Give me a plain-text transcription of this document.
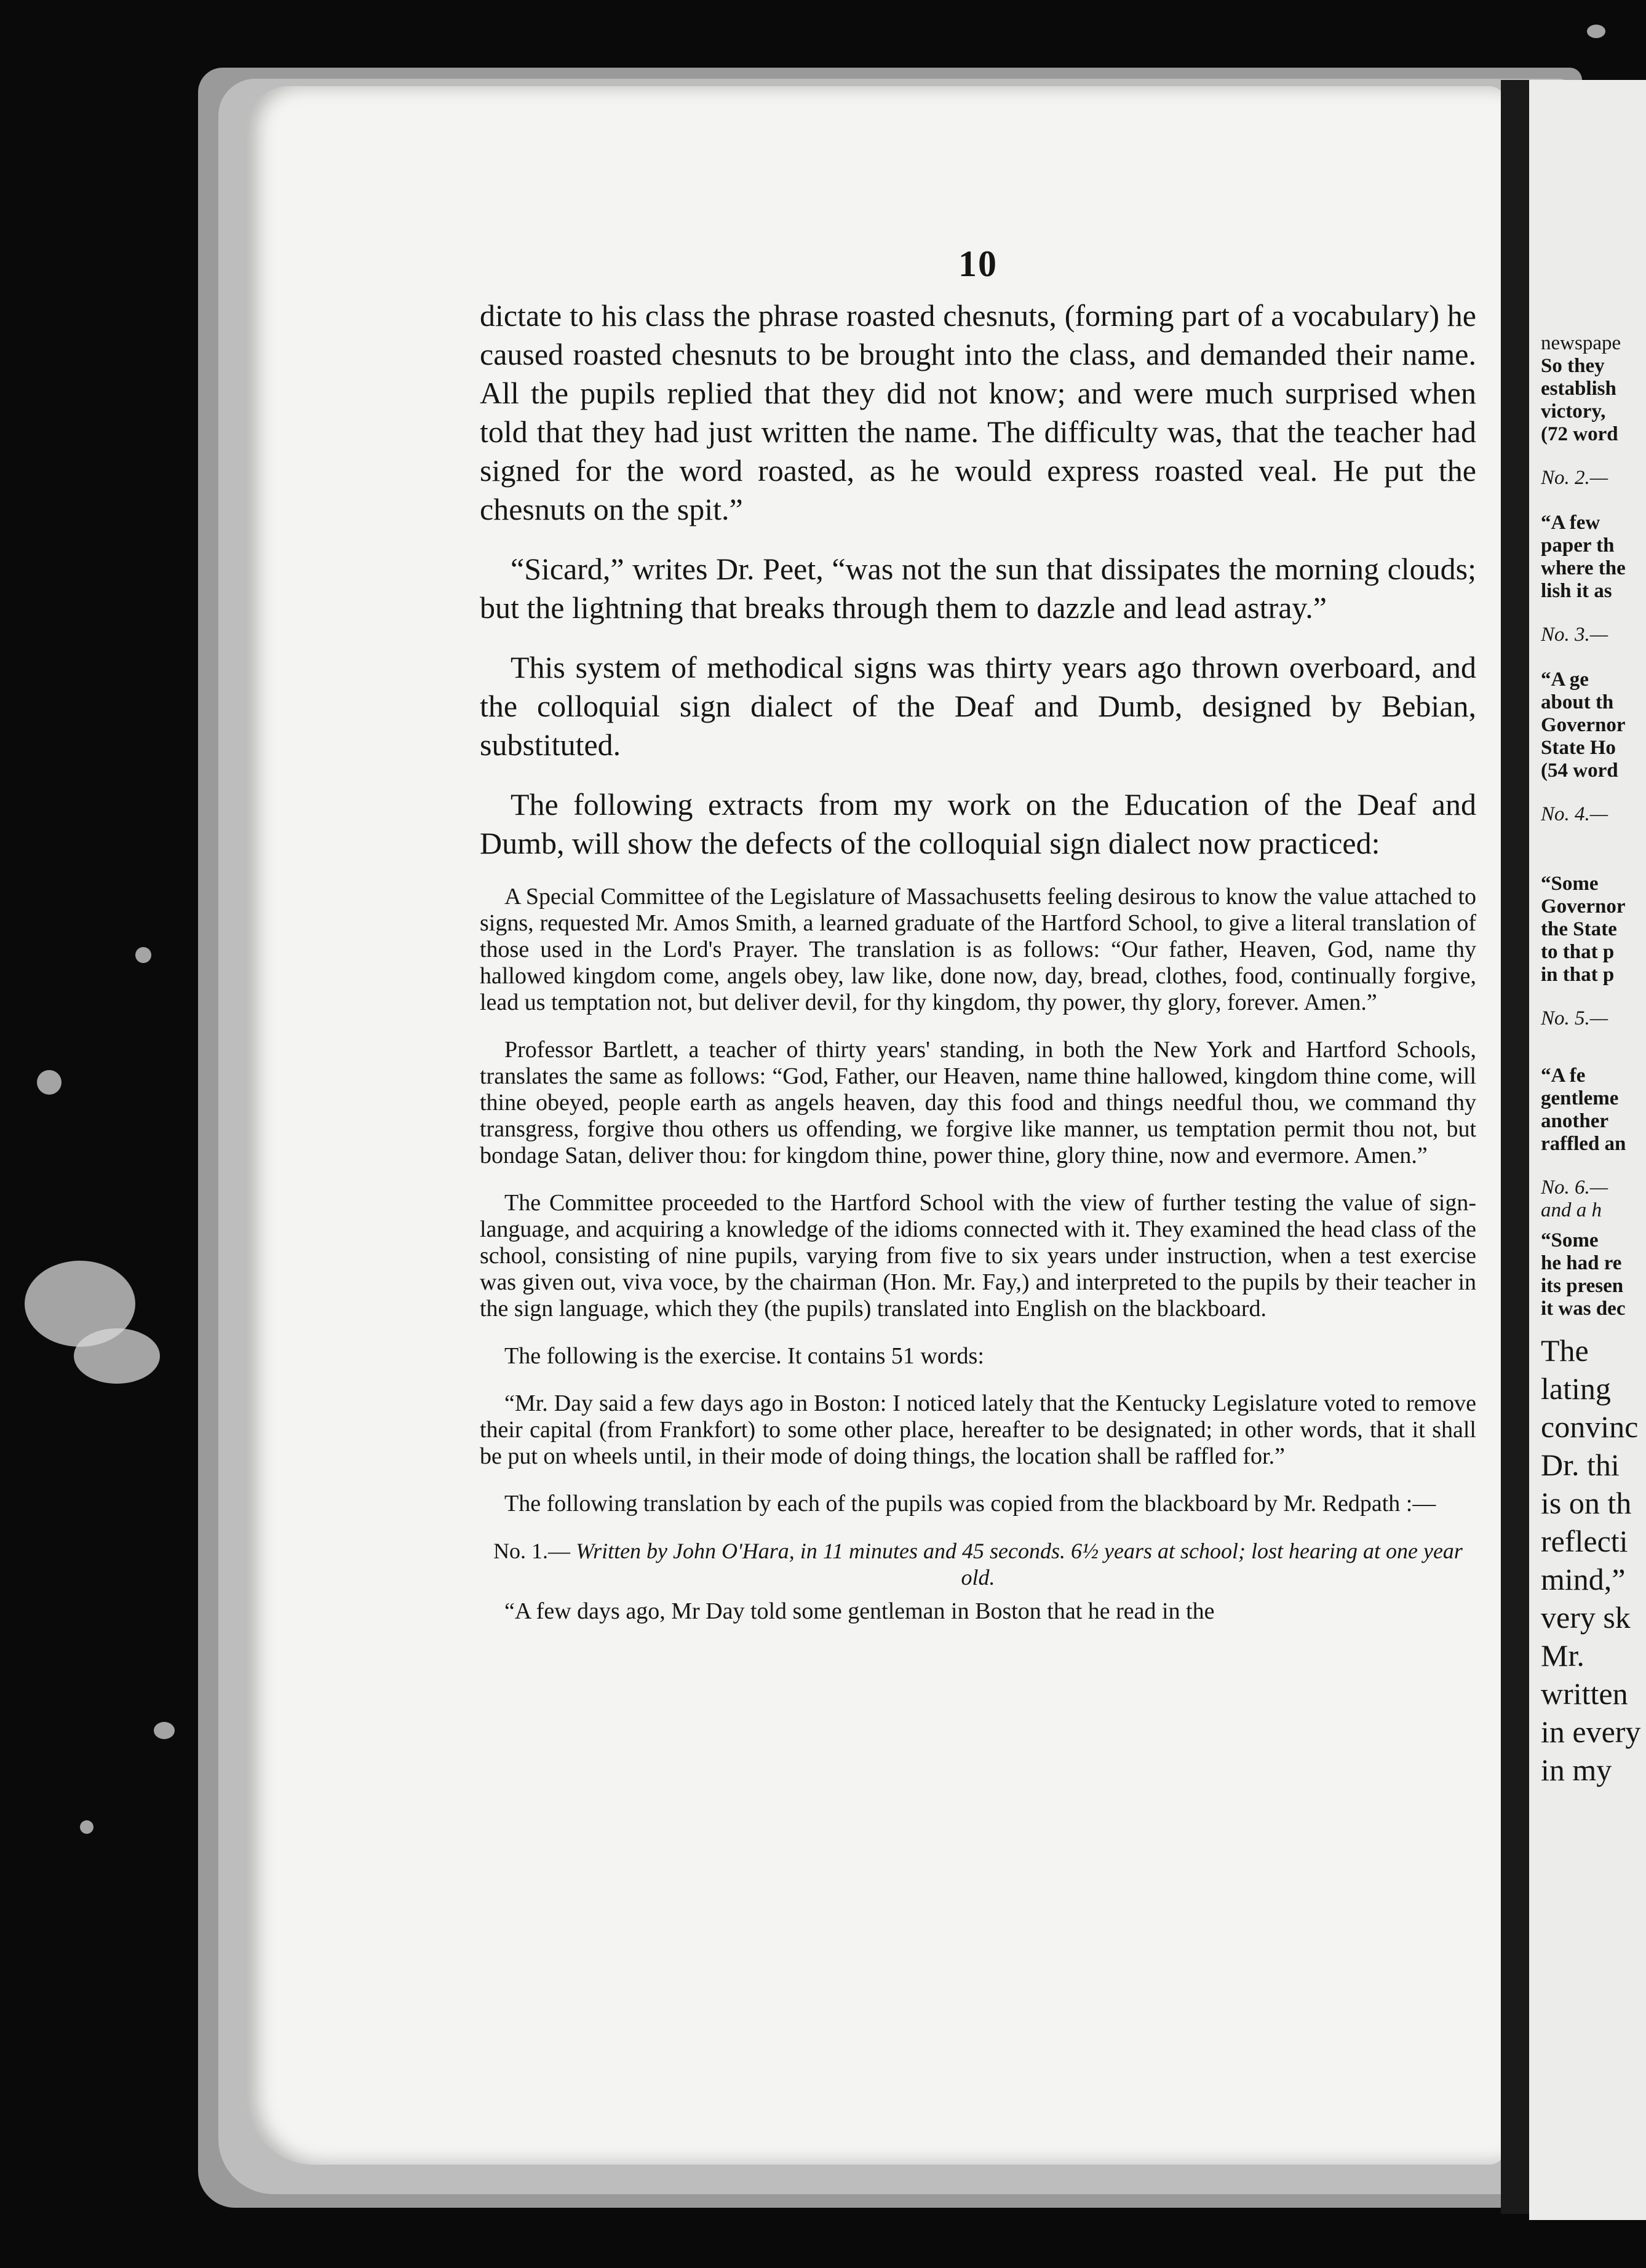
10

dictate to his class the phrase roasted chesnuts, (forming part of a vocabulary) he caused roasted chesnuts to be brought into the class, and demanded their name. All the pupils replied that they did not know; and were much surprised when told that they had just written the name. The difficulty was, that the teacher had signed for the word roasted, as he would express roasted veal. He put the chesnuts on the spit.”

“Sicard,” writes Dr. Peet, “was not the sun that dissipates the morning clouds; but the lightning that breaks through them to dazzle and lead astray.”

This system of methodical signs was thirty years ago thrown overboard, and the colloquial sign dialect of the Deaf and Dumb, designed by Bebian, substituted.

The following extracts from my work on the Education of the Deaf and Dumb, will show the defects of the colloquial sign dialect now practiced:

A Special Committee of the Legislature of Massachusetts feeling desirous to know the value attached to signs, requested Mr. Amos Smith, a learned graduate of the Hartford School, to give a literal translation of those used in the Lord's Prayer. The translation is as follows: “Our father, Heaven, God, name thy hallowed kingdom come, angels obey, law like, done now, day, bread, clothes, food, continually forgive, lead us temptation not, but deliver devil, for thy kingdom, thy power, thy glory, forever. Amen.”

Professor Bartlett, a teacher of thirty years' standing, in both the New York and Hartford Schools, translates the same as follows: “God, Father, our Heaven, name thine hallowed, kingdom thine come, will thine obeyed, people earth as angels heaven, day this food and things needful thou, we command thy transgress, forgive thou others us offending, we forgive like manner, us temptation permit thou not, but bondage Satan, deliver thou: for kingdom thine, power thine, glory thine, now and evermore. Amen.”

The Committee proceeded to the Hartford School with the view of further testing the value of sign-language, and acquiring a knowledge of the idioms connected with it. They examined the head class of the school, consisting of nine pupils, varying from five to six years under instruction, when a test exercise was given out, viva voce, by the chairman (Hon. Mr. Fay,) and interpreted to the pupils by their teacher in the sign language, which they (the pupils) translated into English on the blackboard.

The following is the exercise. It contains 51 words:

“Mr. Day said a few days ago in Boston: I noticed lately that the Kentucky Legislature voted to remove their capital (from Frankfort) to some other place, hereafter to be designated; in other words, that it shall be put on wheels until, in their mode of doing things, the location shall be raffled for.”

The following translation by each of the pupils was copied from the blackboard by Mr. Redpath :—

No. 1.— Written by John O'Hara, in 11 minutes and 45 seconds. 6½ years at school; lost hearing at one year old.

“A few days ago, Mr Day told some gentleman in Boston that he read in the

newspape
So they
establish
victory,
(72 word
No. 2.—
“A few
paper th
where the
lish it as
No. 3.—
“A ge
about th
Governor
State Ho
(54 word
No. 4.—
“Some
Governor
the State
to that p
in that p
No. 5.—
“A fe
gentleme
another
raffled an
No. 6.—
and a h
“Some
he had re
its presen
it was dec
The
lating
convinc
Dr. thi
is on th
reflecti
mind,”
very sk
Mr.
written
in every
in my
